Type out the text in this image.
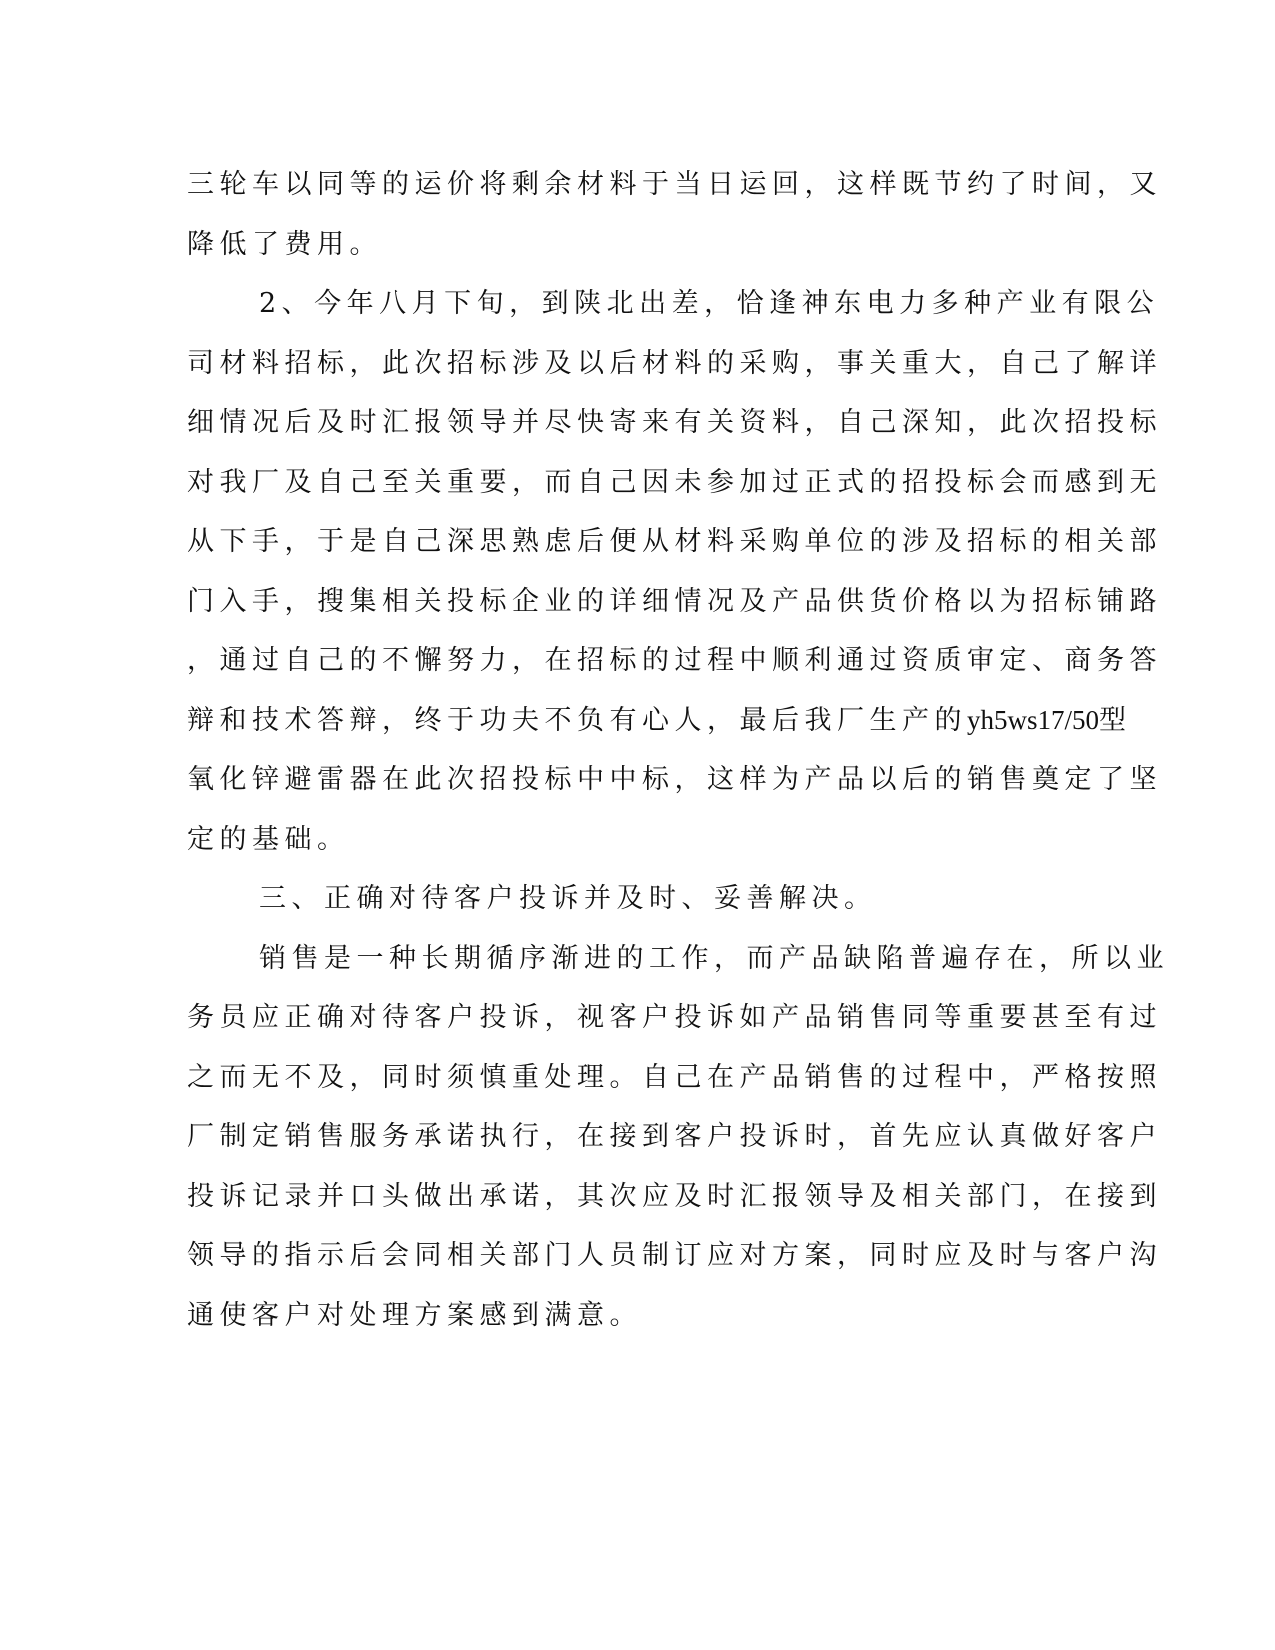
三轮车以同等的运价将剩余材料于当日运回，这样既节约了时间，又

降低了费用。

2、今年八月下旬，到陕北出差，恰逢神东电力多种产业有限公

司材料招标，此次招标涉及以后材料的采购，事关重大，自己了解详

细情况后及时汇报领导并尽快寄来有关资料，自己深知，此次招投标

对我厂及自己至关重要，而自己因未参加过正式的招投标会而感到无

从下手，于是自己深思熟虑后便从材料采购单位的涉及招标的相关部

门入手，搜集相关投标企业的详细情况及产品供货价格以为招标铺路

，通过自己的不懈努力，在招标的过程中顺利通过资质审定、商务答

辩和技术答辩，终于功夫不负有心人，最后我厂生产的yh5ws17/50型

氧化锌避雷器在此次招投标中中标，这样为产品以后的销售奠定了坚

定的基础。

三、正确对待客户投诉并及时、妥善解决。

销售是一种长期循序渐进的工作，而产品缺陷普遍存在，所以业

务员应正确对待客户投诉，视客户投诉如产品销售同等重要甚至有过

之而无不及，同时须慎重处理。自己在产品销售的过程中，严格按照

厂制定销售服务承诺执行，在接到客户投诉时，首先应认真做好客户

投诉记录并口头做出承诺，其次应及时汇报领导及相关部门，在接到

领导的指示后会同相关部门人员制订应对方案，同时应及时与客户沟

通使客户对处理方案感到满意。
